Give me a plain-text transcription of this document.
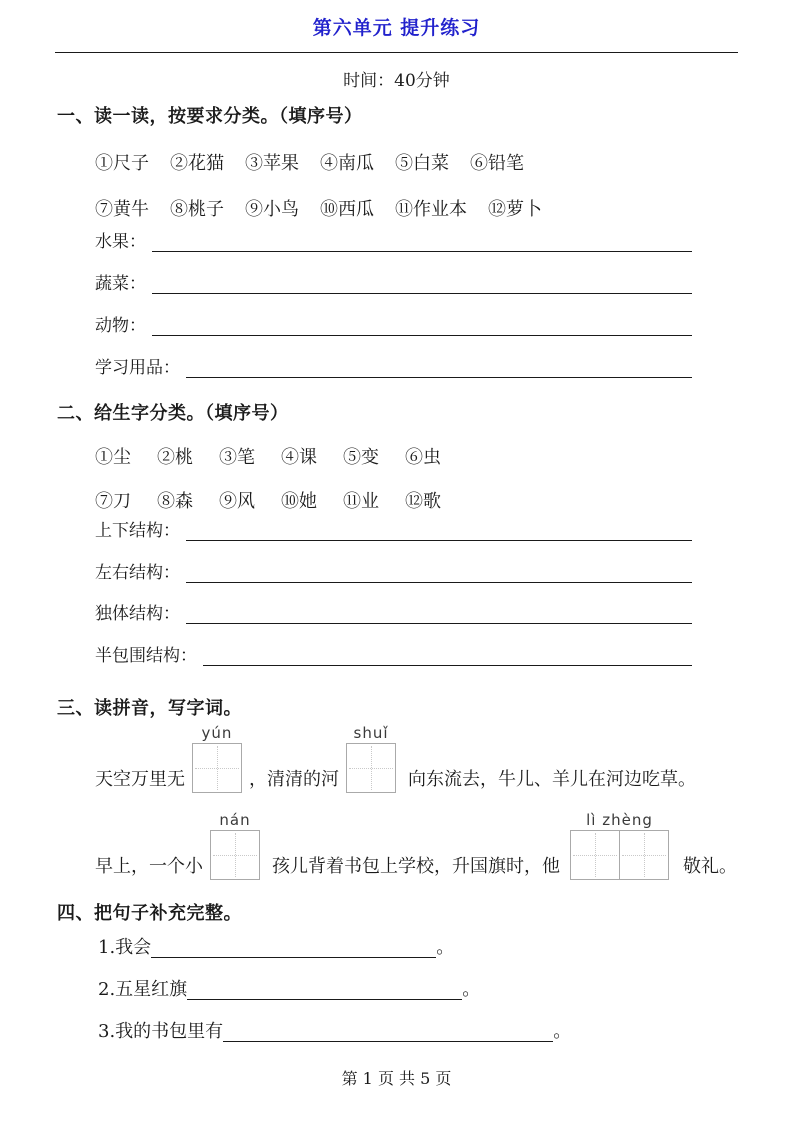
第六单元 提升练习
时间：40分钟
一、读一读，按要求分类。（填序号）
①尺子 ②花猫 ③苹果 ④南瓜 ⑤白菜 ⑥铅笔
⑦黄牛 ⑧桃子 ⑨小鸟 ⑩西瓜 ⑪作业本 ⑫萝卜
水果：
蔬菜：
动物：
学习用品：
二、给生字分类。（填序号）
①尘 ②桃 ③笔 ④课 ⑤变 ⑥虫
⑦刀 ⑧森 ⑨风 ⑩她 ⑪业 ⑫歌
上下结构：
左右结构：
独体结构：
半包围结构：
三、读拼音，写字词。
天空万里无
yún
，清清的河
shuǐ
向东流去，牛儿、羊儿在河边吃草。
早上，一个小
nán
孩儿背着书包上学校，升国旗时，他
lì zhèng
敬礼。
四、把句子补充完整。
1.我会	。
2.五星红旗	。
3.我的书包里有	。
第 1 页 共 5 页
